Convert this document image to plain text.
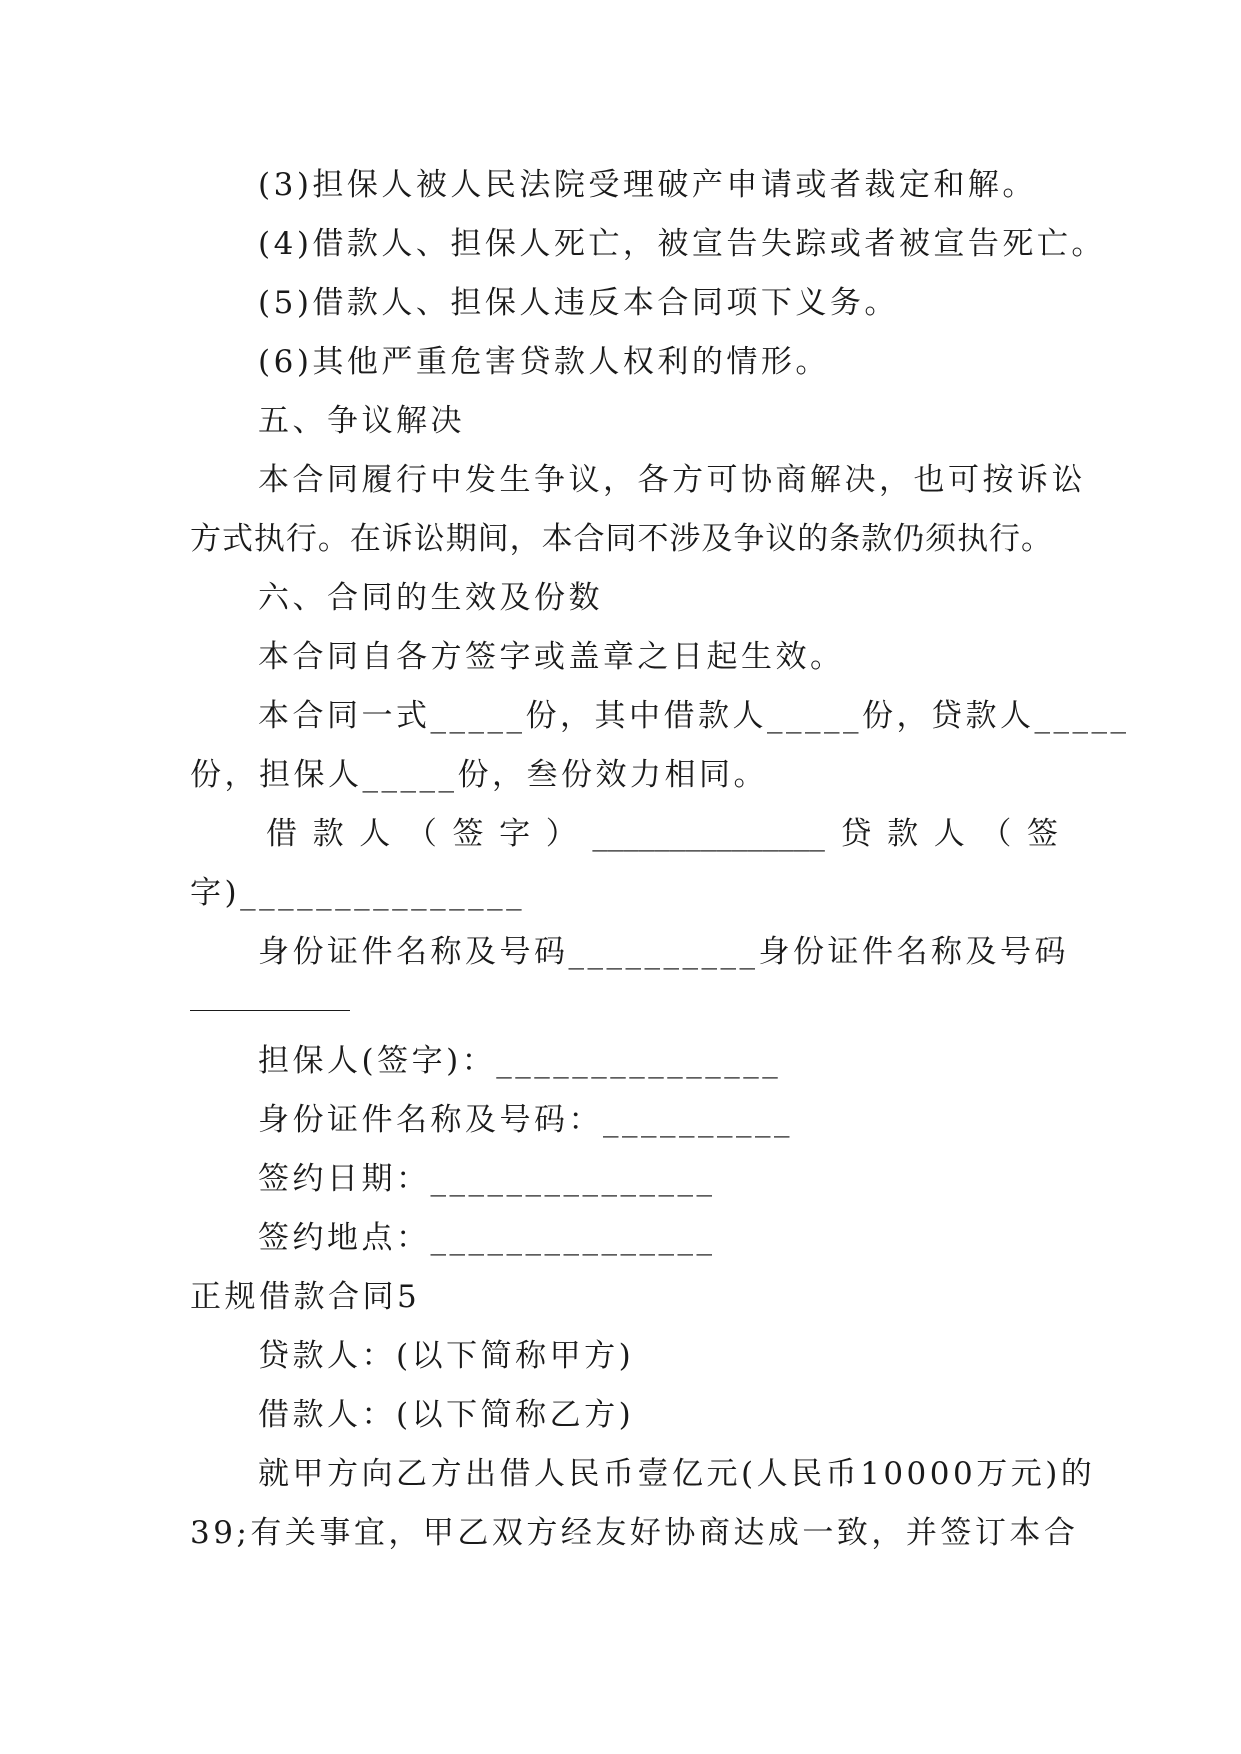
(3)担保人被人民法院受理破产申请或者裁定和解。
(4)借款人、担保人死亡，被宣告失踪或者被宣告死亡。
(5)借款人、担保人违反本合同项下义务。
(6)其他严重危害贷款人权利的情形。
五、争议解决
本合同履行中发生争议，各方可协商解决，也可按诉讼
方式执行。在诉讼期间，本合同不涉及争议的条款仍须执行。
六、合同的生效及份数
本合同自各方签字或盖章之日起生效。
本合同一式_____份，其中借款人_____份，贷款人_____
份，担保人_____份，叁份效力相同。
借款人（签字）_______________贷款人（签
字)_______________
身份证件名称及号码__________身份证件名称及号码
担保人(签字)：_______________
身份证件名称及号码：__________
签约日期：_______________
签约地点：_______________
正规借款合同5
贷款人：(以下简称甲方)
借款人：(以下简称乙方)
就甲方向乙方出借人民币壹亿元(人民币10000万元)的
39;有关事宜，甲乙双方经友好协商达成一致，并签订本合
